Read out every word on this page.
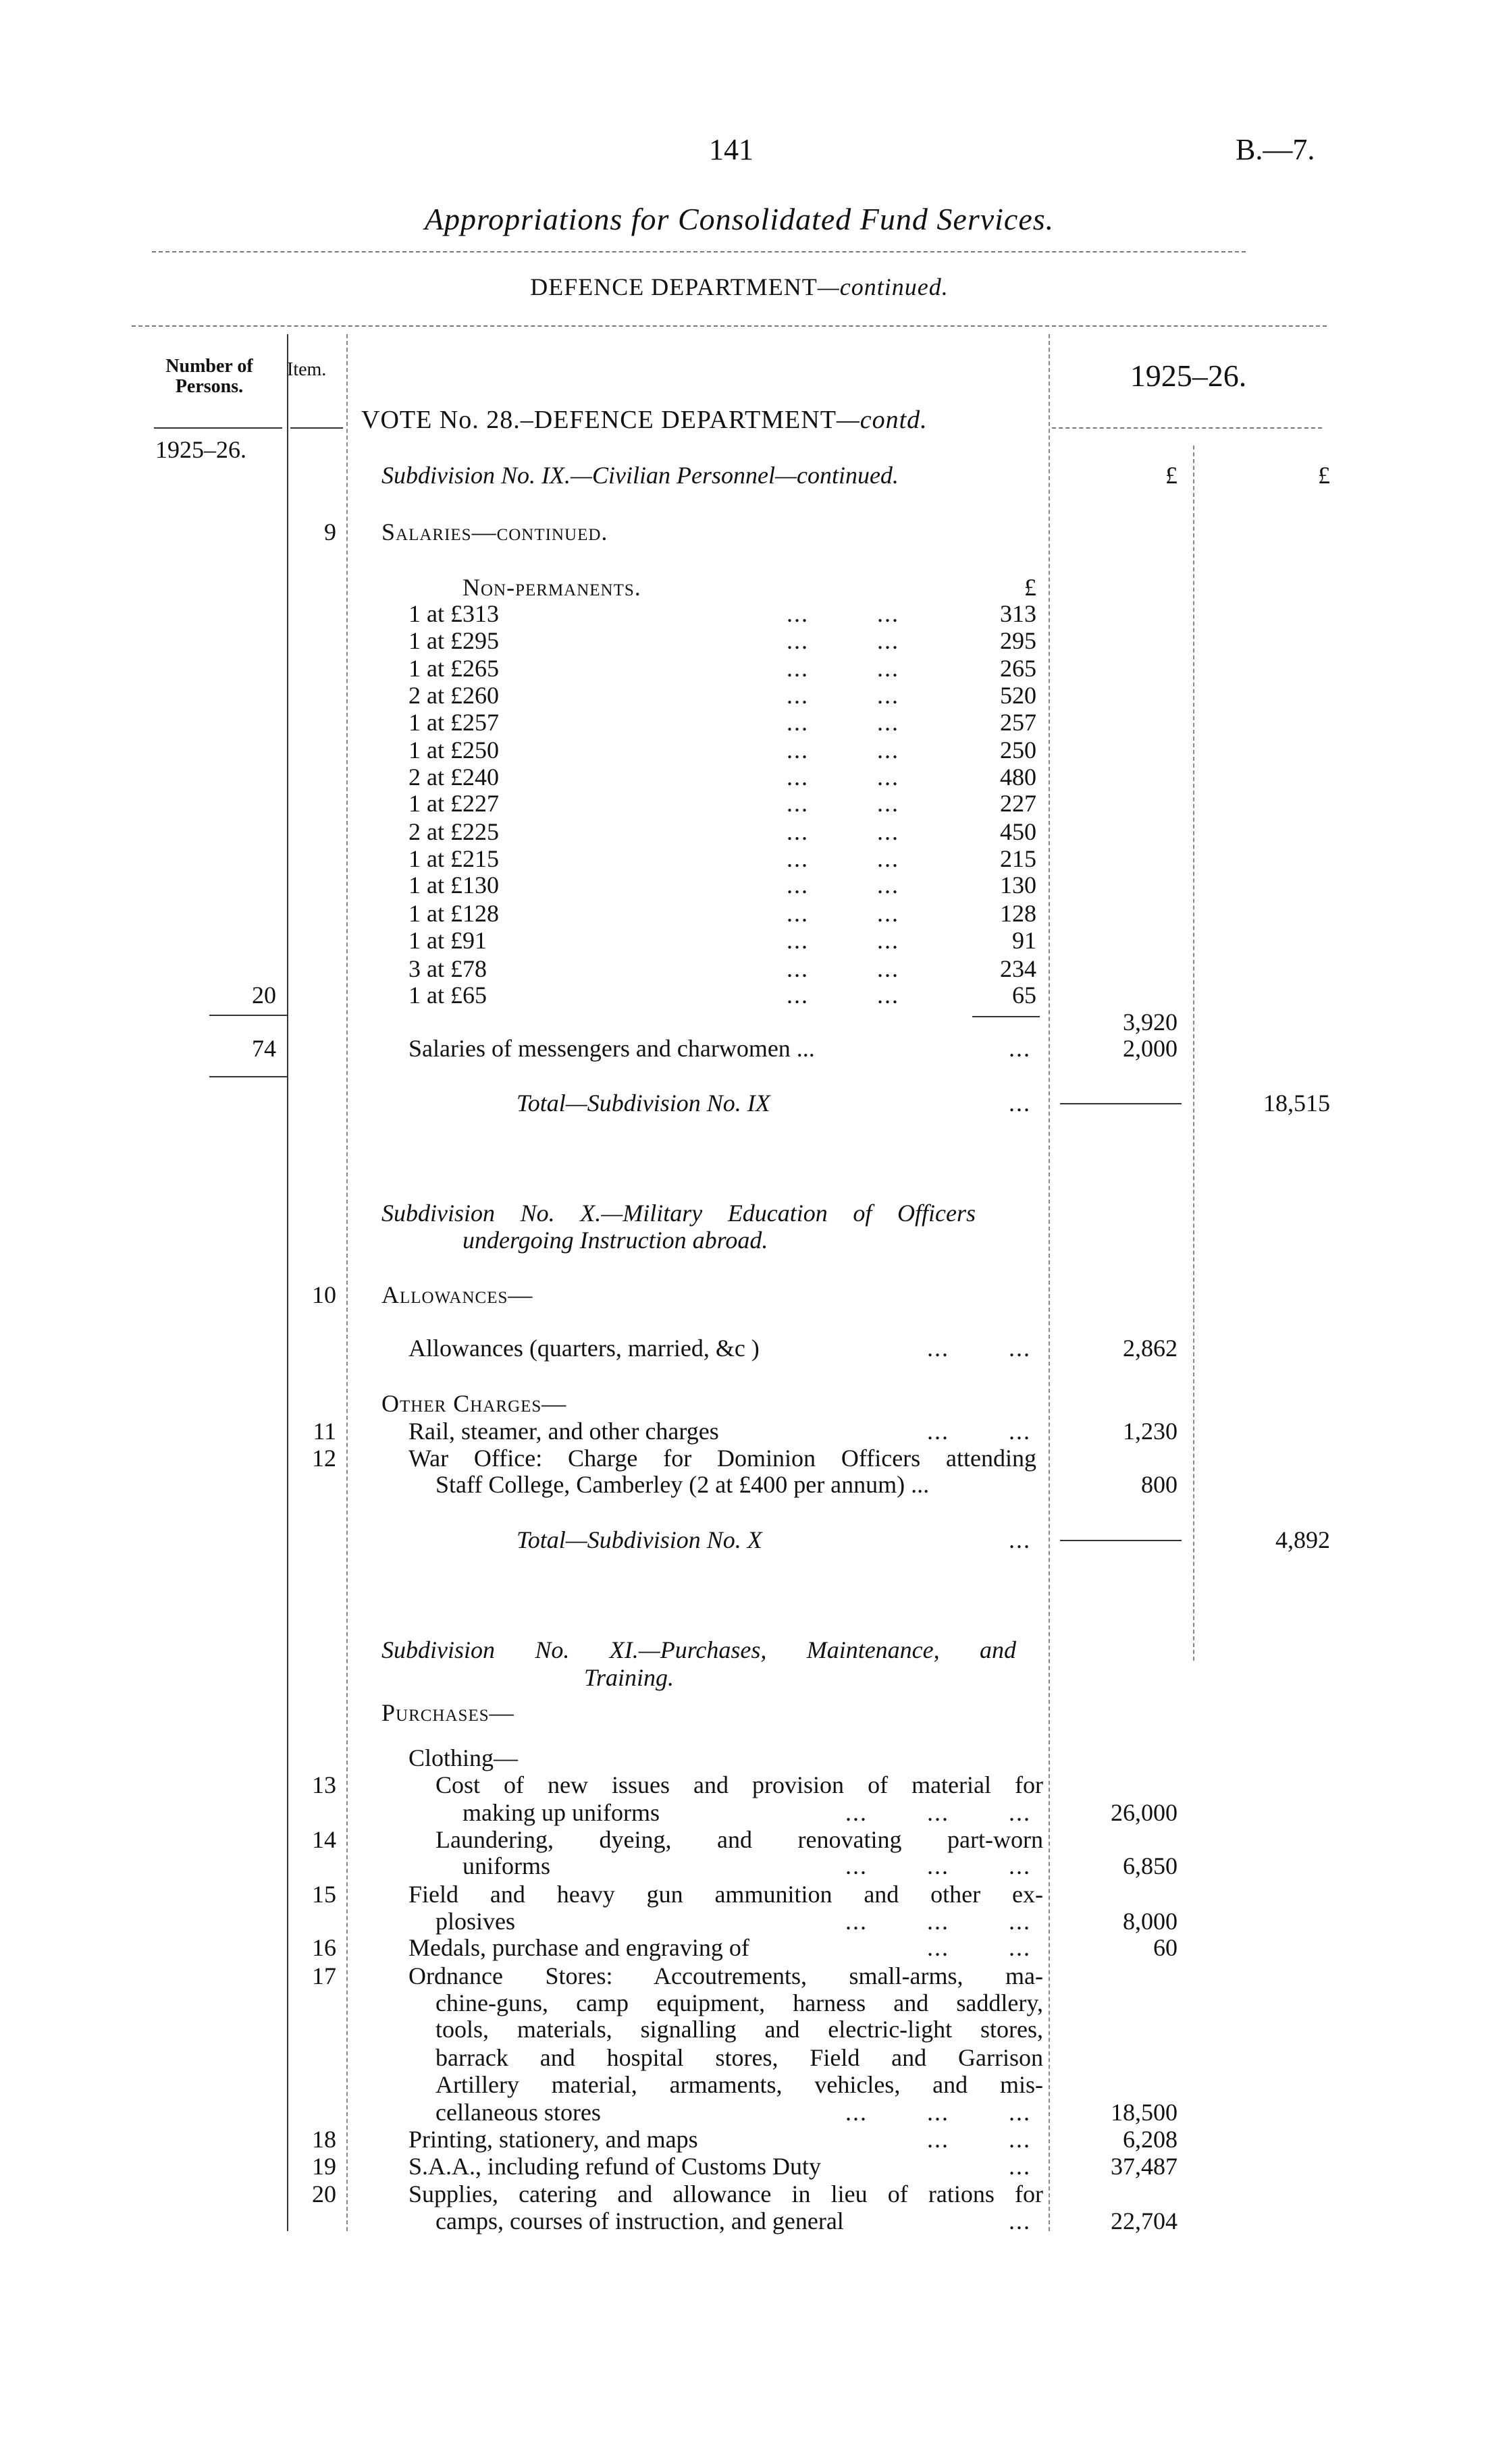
141	B.—7.
Appropriations for Consolidated Fund Services.
DEFENCE DEPARTMENT—continued.
Number of Persons.
Item.	1925–26.
VOTE No. 28.–DEFENCE DEPARTMENT—contd.
1925–26.
Subdivision No. IX.—Civilian Personnel—continued.	£	£
9 Salaries—continued.
Non-permanents.	£
1 at £313	... ...	313
1 at £295	... ...	295
1 at £265	... ...	265
2 at £260	... ...	520
1 at £257	... ...	257
1 at £250	... ...	250
2 at £240	... ...	480
1 at £227	... ...	227
2 at £225	... ...	450
1 at £215	... ...	215
1 at £130	... ...	130
1 at £128	... ...	128
1 at £91	... ...	91
3 at £78	... ...	234
20	1 at £65	... ...	65
3,920
74	Salaries of messengers and charwomen ...	...	2,000
Total—Subdivision No. IX	...	18,515
Subdivision No. X.—Military Education of Officers
undergoing Instruction abroad.
10 Allowances—
Allowances (quarters, married, &c )	...        ...	2,862
Other Charges—
11	Rail, steamer, and other charges	...        ...	1,230
12	War Office: Charge for Dominion Officers attending
Staff College, Camberley (2 at £400 per annum) ...	800
Total—Subdivision No. X	...	4,892
Subdivision No. XI.—Purchases, Maintenance, and
Training.
Purchases—
Clothing—
13	Cost of new issues and provision of material for
making up uniforms	...        ...        ...	26,000
14	Laundering, dyeing, and renovating part-worn
uniforms	...        ...        ...	6,850
15	Field and heavy gun ammunition and other ex-
plosives	...        ...        ...	8,000
16	Medals, purchase and engraving of	...        ...	60
17	Ordnance Stores: Accoutrements, small-arms, ma-
chine-guns, camp equipment, harness and saddlery,
tools, materials, signalling and electric-light stores,
barrack and hospital stores, Field and Garrison
Artillery material, armaments, vehicles, and mis-
cellaneous stores	...        ...        ...	18,500
18	Printing, stationery, and maps	...        ...	6,208
19	S.A.A., including refund of Customs Duty	...	37,487
20	Supplies, catering and allowance in lieu of rations for
camps, courses of instruction, and general	...	22,704
